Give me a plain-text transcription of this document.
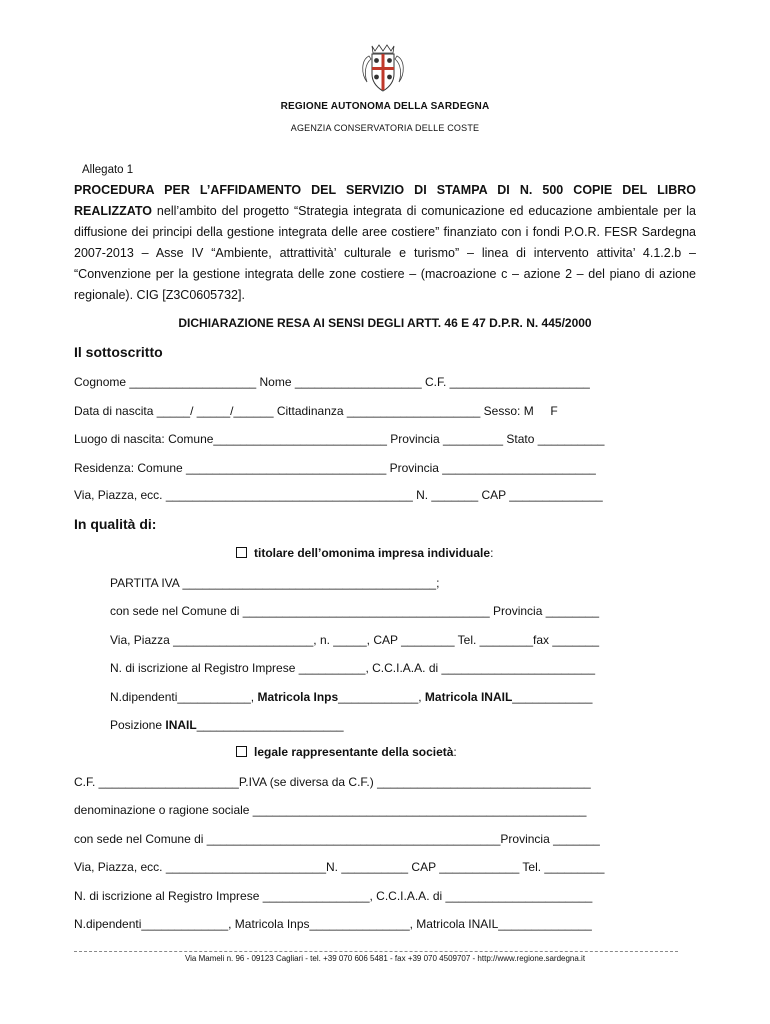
REGIONE AUTONOMA DELLA SARDEGNA
AGENZIA CONSERVATORIA DELLE COSTE
Allegato 1
PROCEDURA PER L’AFFIDAMENTO DEL SERVIZIO DI STAMPA DI N. 500 COPIE DEL LIBRO REALIZZATO nell’ambito del progetto “Strategia integrata di comunicazione ed educazione ambientale per la diffusione dei principi della gestione integrata delle aree costiere” finanziato con i fondi P.O.R. FESR Sardegna 2007-2013 – Asse IV “Ambiente, attrattività’ culturale e turismo” – linea di intervento attivita’ 4.1.2.b – “Convenzione per la gestione integrata delle zone costiere – (macroazione c – azione 2 – del piano di azione regionale). CIG [Z3C0605732].
DICHIARAZIONE RESA AI SENSI DEGLI ARTT. 46 E 47 D.P.R. N. 445/2000
Il sottoscritto
Cognome ___________________ Nome ___________________ C.F. _____________________
Data di nascita _____/ _____/______ Cittadinanza ____________________ Sesso: M     F
Luogo di nascita: Comune__________________________ Provincia _________ Stato __________
Residenza: Comune ______________________________ Provincia _______________________
Via, Piazza, ecc. _____________________________________ N. _______ CAP ______________
In qualità di:
titolare dell’omonima impresa individuale:
PARTITA IVA ______________________________________;
con sede nel Comune di _____________________________________ Provincia ________
Via, Piazza _____________________, n. _____, CAP ________ Tel. ________fax _______
N. di iscrizione al Registro Imprese __________, C.C.I.A.A. di _______________________
N.dipendenti___________, Matricola Inps____________, Matricola INAIL____________
Posizione INAIL______________________
legale rappresentante della società:
C.F. _____________________P.IVA (se diversa da C.F.) ________________________________
denominazione o ragione sociale __________________________________________________
con sede nel Comune di ____________________________________________Provincia _______
Via, Piazza, ecc. ________________________N. __________ CAP ____________ Tel. _________
N. di iscrizione al Registro Imprese ________________, C.C.I.A.A. di ______________________
N.dipendenti_____________, Matricola Inps_______________, Matricola INAIL______________
Via Mameli n. 96 - 09123 Cagliari - tel. +39 070 606 5481 - fax +39 070 4509707 - http://www.regione.sardegna.it
